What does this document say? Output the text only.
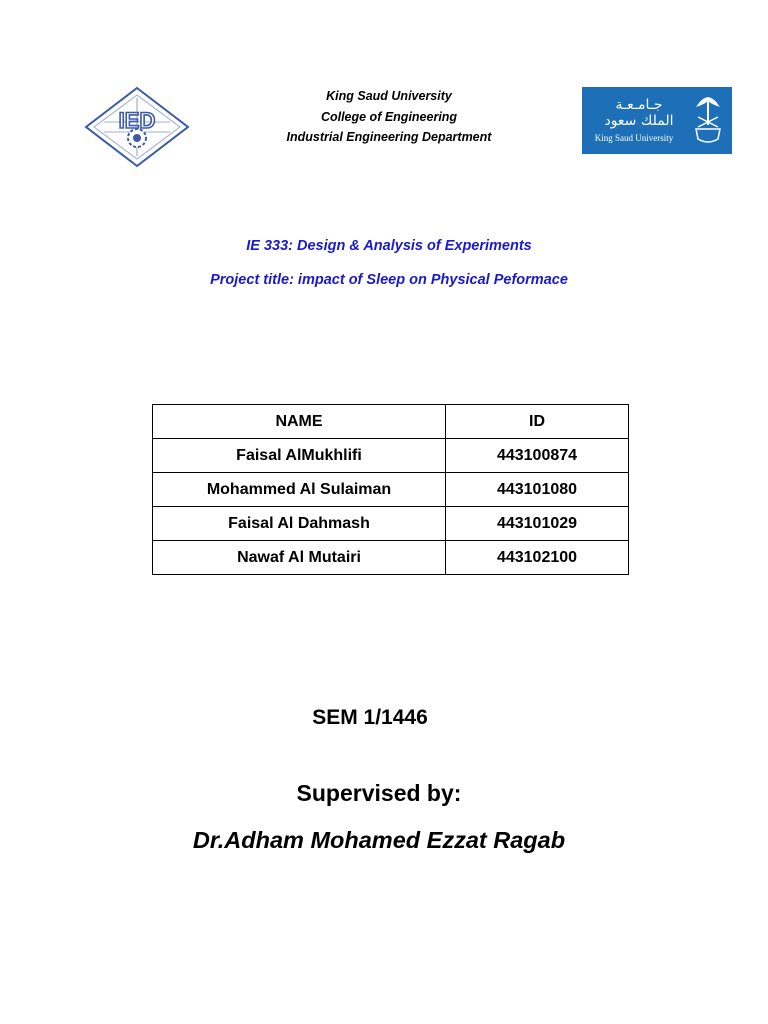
IED
جـامـعـة
الملك سعود
King Saud University
King Saud University
College of Engineering
Industrial Engineering Department
IE 333: Design & Analysis of Experiments
Project title: impact of Sleep on Physical Peformace
NAME	ID
Faisal AlMukhlifi	443100874
Mohammed Al Sulaiman	443101080
Faisal Al Dahmash	443101029
Nawaf Al Mutairi	443102100
SEM 1/1446
Supervised by:
Dr.Adham Mohamed Ezzat Ragab
